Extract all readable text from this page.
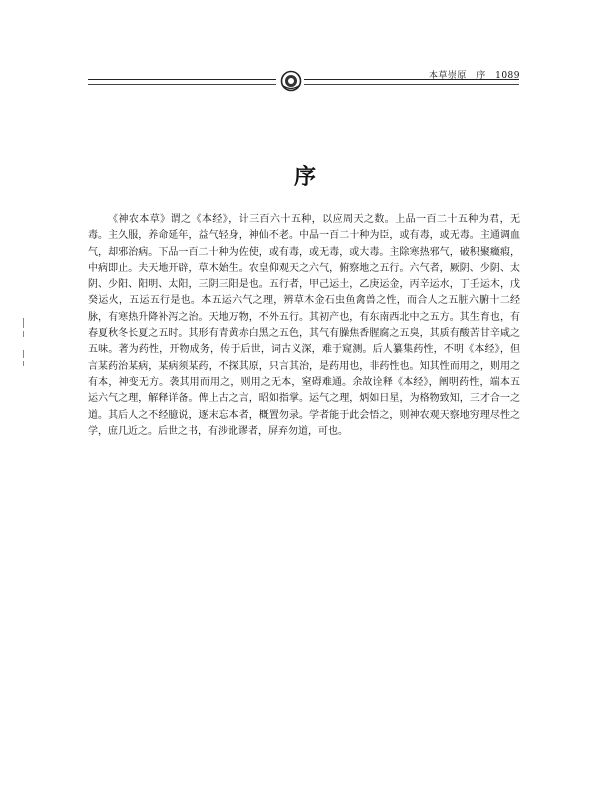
本草崇原 序 1089
序

《神农本草》谓之《本经》，计三百六十五种，以应周天之数。上品一百二十五种为君，无毒。主久服，养命延年，益气轻身，神仙不老。中品一百二十种为臣，或有毒，或无毒。主通调血气，却邪治病。下品一百二十种为佐使，或有毒，或无毒，或大毒。主除寒热邪气，破积聚癥瘕，中病即止。夫天地开辟，草木始生。农皇仰观天之六气，俯察地之五行。六气者，厥阴、少阴、太阴、少阳、阳明、太阳，三阴三阳是也。五行者，甲己运土，乙庚运金，丙辛运水，丁壬运木，戊癸运火，五运五行是也。本五运六气之理，辨草木金石虫鱼禽兽之性，而合人之五脏六腑十二经脉，有寒热升降补泻之治。天地万物，不外五行。其初产也，有东南西北中之五方。其生育也，有春夏秋冬长夏之五时。其形有青黄赤白黑之五色，其气有臊焦香腥腐之五臭，其质有酸苦甘辛咸之五味。著为药性，开物成务，传于后世，词古义深，难于窥测。后人纂集药性，不明《本经》，但言某药治某病，某病须某药，不探其原，只言其治，是药用也，非药性也。知其性而用之，则用之有本，神变无方。袭其用而用之，则用之无本，窒碍难通。余故诠释《本经》，阐明药性，端本五运六气之理，解释详备。俾上古之言，昭如指掌。运气之理，炳如日星，为格物致知，三才合一之道。其后人之不经臆说，逐末忘本者，概置勿录。学者能于此会悟之，则神农观天察地穷理尽性之学，庶几近之。后世之书，有涉讹谬者，屏弃勿道，可也。
